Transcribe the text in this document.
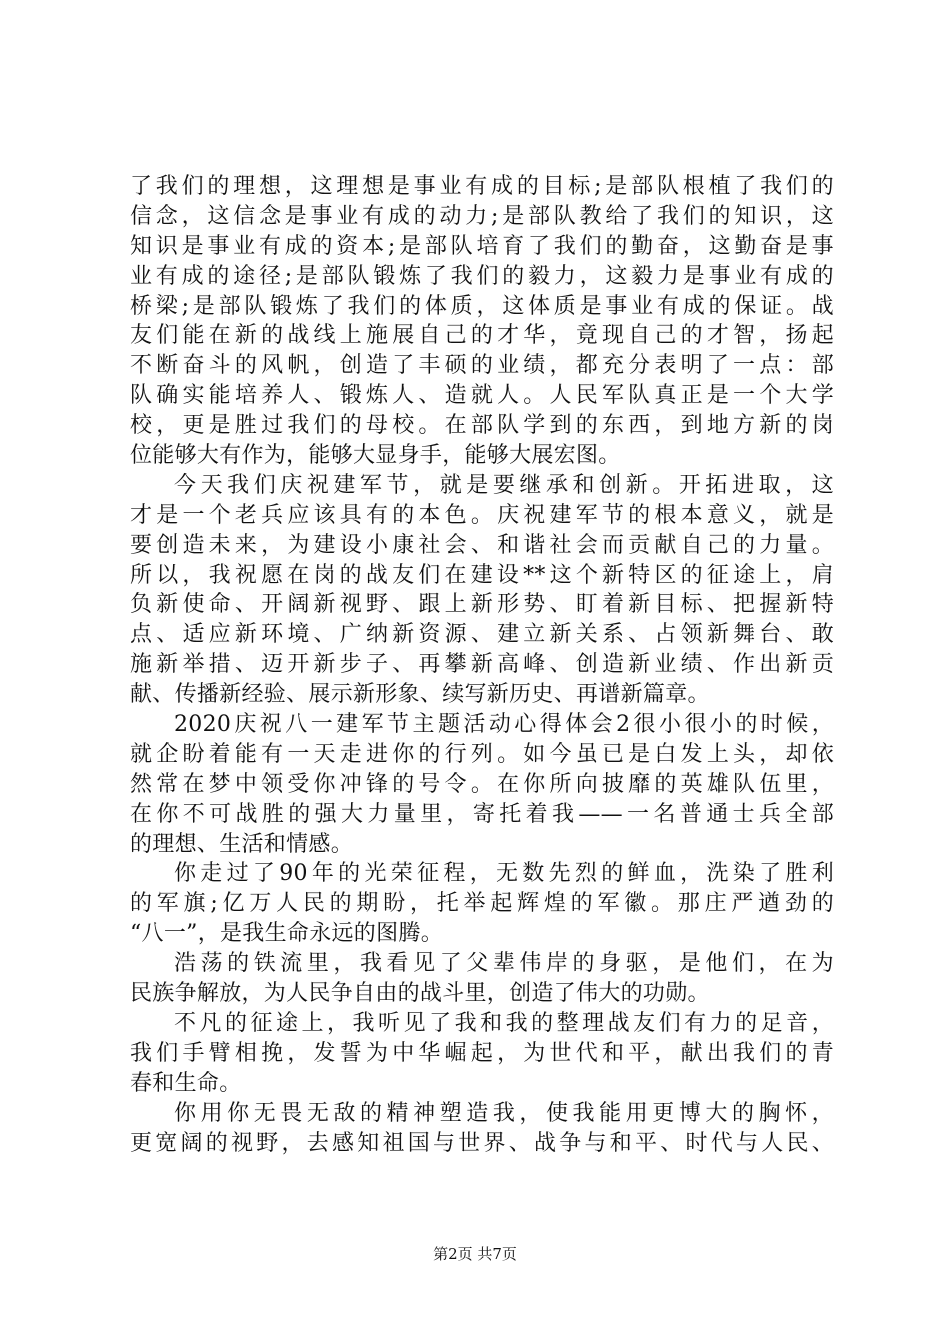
了我们的理想，这理想是事业有成的目标;是部队根植了我们的
信念，这信念是事业有成的动力;是部队教给了我们的知识，这
知识是事业有成的资本;是部队培育了我们的勤奋，这勤奋是事
业有成的途径;是部队锻炼了我们的毅力，这毅力是事业有成的
桥梁;是部队锻炼了我们的体质，这体质是事业有成的保证。战
友们能在新的战线上施展自己的才华，竟现自己的才智，扬起
不断奋斗的风帆，创造了丰硕的业绩，都充分表明了一点：部
队确实能培养人、锻炼人、造就人。人民军队真正是一个大学
校，更是胜过我们的母校。在部队学到的东西，到地方新的岗
位能够大有作为，能够大显身手，能够大展宏图。
今天我们庆祝建军节，就是要继承和创新。开拓进取，这
才是一个老兵应该具有的本色。庆祝建军节的根本意义，就是
要创造未来，为建设小康社会、和谐社会而贡献自己的力量。
所以，我祝愿在岗的战友们在建设**这个新特区的征途上，肩
负新使命、开阔新视野、跟上新形势、盯着新目标、把握新特
点、适应新环境、广纳新资源、建立新关系、占领新舞台、敢
施新举措、迈开新步子、再攀新高峰、创造新业绩、作出新贡
献、传播新经验、展示新形象、续写新历史、再谱新篇章。
2020庆祝八一建军节主题活动心得体会2很小很小的时候，
就企盼着能有一天走进你的行列。如今虽已是白发上头，却依
然常在梦中领受你冲锋的号令。在你所向披靡的英雄队伍里，
在你不可战胜的强大力量里，寄托着我——一名普通士兵全部
的理想、生活和情感。
你走过了90年的光荣征程，无数先烈的鲜血，洗染了胜利
的军旗;亿万人民的期盼，托举起辉煌的军徽。那庄严遒劲的
“八一”，是我生命永远的图腾。
浩荡的铁流里，我看见了父辈伟岸的身驱，是他们，在为
民族争解放，为人民争自由的战斗里，创造了伟大的功勋。
不凡的征途上，我听见了我和我的整理战友们有力的足音，
我们手臂相挽，发誓为中华崛起，为世代和平，献出我们的青
春和生命。
你用你无畏无敌的精神塑造我，使我能用更博大的胸怀，
更宽阔的视野，去感知祖国与世界、战争与和平、时代与人民、
第2页 共7页
